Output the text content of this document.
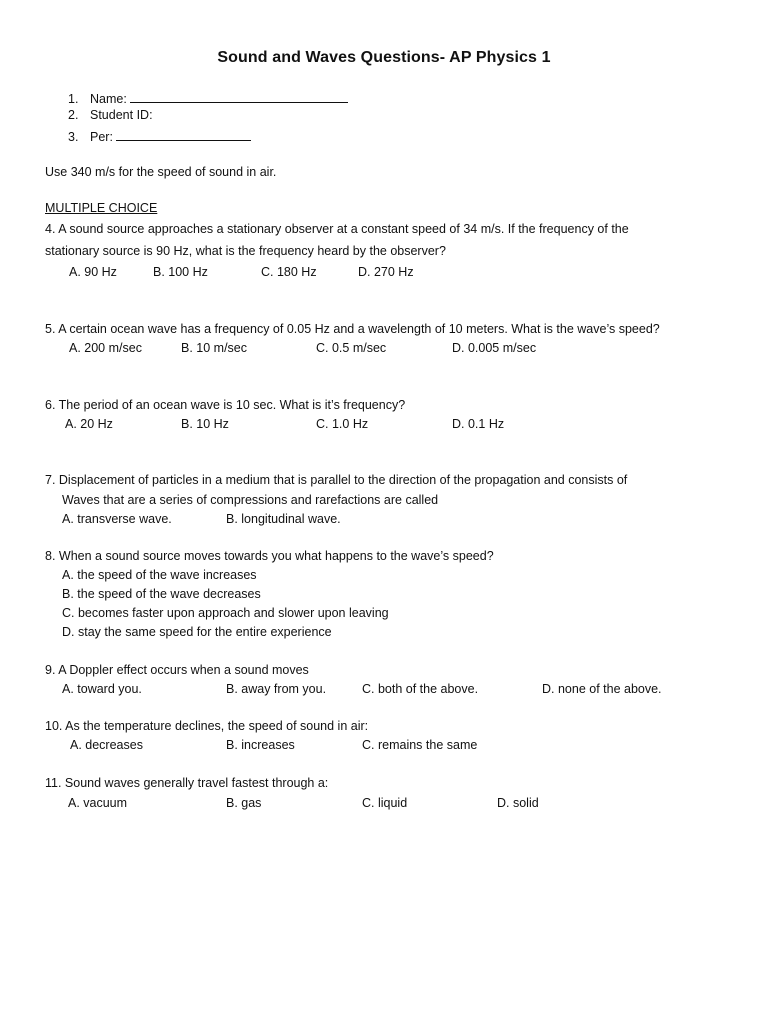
Sound and Waves Questions- AP Physics 1
1. Name:
2. Student ID:
3. Per:
Use 340 m/s for the speed of sound in air.
MULTIPLE CHOICE
4. A sound source approaches a stationary observer at a constant speed of 34 m/s. If the frequency of the
stationary source is 90 Hz, what is the frequency heard by the observer?
A. 90 Hz	B. 100 Hz	C. 180 Hz	D. 270 Hz
5. A certain ocean wave has a frequency of 0.05 Hz and a wavelength of 10 meters. What is the wave’s speed?
A. 200 m/sec	B. 10 m/sec	C. 0.5 m/sec	D. 0.005 m/sec
6. The period of an ocean wave is 10 sec. What is it’s frequency?
A. 20 Hz	B. 10 Hz	C. 1.0 Hz	D. 0.1 Hz
7. Displacement of particles in a medium that is parallel to the direction of the propagation and consists of
Waves that are a series of compressions and rarefactions are called
A. transverse wave.	B. longitudinal wave.
8. When a sound source moves towards you what happens to the wave’s speed?
A. the speed of the wave increases
B. the speed of the wave decreases
C. becomes faster upon approach and slower upon leaving
D. stay the same speed for the entire experience
9. A Doppler effect occurs when a sound moves
A. toward you.	B. away from you.	C. both of the above.	D. none of the above.
10. As the temperature declines, the speed of sound in air:
A. decreases	B. increases	C. remains the same
11. Sound waves generally travel fastest through a:
A. vacuum	B. gas	C. liquid	D. solid
